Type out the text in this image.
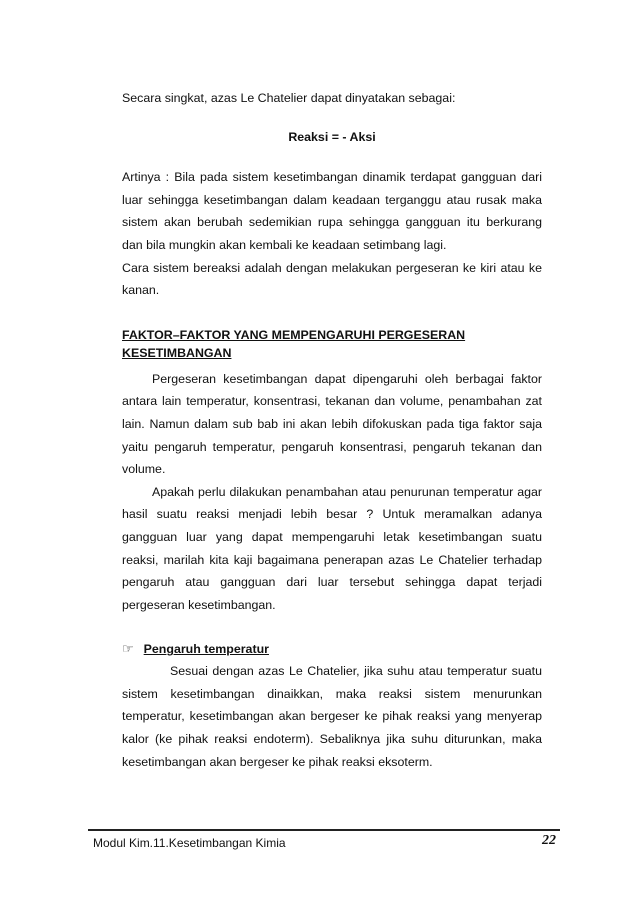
Secara singkat, azas Le Chatelier dapat dinyatakan sebagai:

Reaksi = - Aksi

Artinya : Bila pada sistem kesetimbangan dinamik terdapat gangguan dari luar sehingga kesetimbangan dalam keadaan terganggu atau rusak maka sistem akan berubah sedemikian rupa sehingga gangguan itu berkurang dan bila mungkin akan kembali ke keadaan setimbang lagi.

Cara sistem bereaksi adalah dengan melakukan pergeseran ke kiri atau ke kanan.

FAKTOR–FAKTOR YANG MEMPENGARUHI PERGESERAN KESETIMBANGAN

Pergeseran kesetimbangan dapat dipengaruhi oleh berbagai faktor antara lain temperatur, konsentrasi, tekanan dan volume, penambahan zat lain. Namun dalam sub bab ini akan lebih difokuskan pada tiga faktor saja yaitu pengaruh temperatur, pengaruh konsentrasi, pengaruh tekanan dan volume.

Apakah perlu dilakukan penambahan atau penurunan temperatur agar hasil suatu reaksi menjadi lebih besar ? Untuk meramalkan adanya gangguan luar yang dapat mempengaruhi letak kesetimbangan suatu reaksi, marilah kita kaji bagaimana penerapan azas Le Chatelier terhadap pengaruh atau gangguan dari luar tersebut sehingga dapat terjadi pergeseran kesetimbangan.

☞ Pengaruh temperatur

Sesuai dengan azas Le Chatelier, jika suhu atau temperatur suatu sistem kesetimbangan dinaikkan, maka reaksi sistem menurunkan temperatur, kesetimbangan akan bergeser ke pihak reaksi yang menyerap kalor (ke pihak reaksi endoterm). Sebaliknya jika suhu diturunkan, maka kesetimbangan akan bergeser ke pihak reaksi eksoterm.

Modul Kim.11.Kesetimbangan Kimia	22
